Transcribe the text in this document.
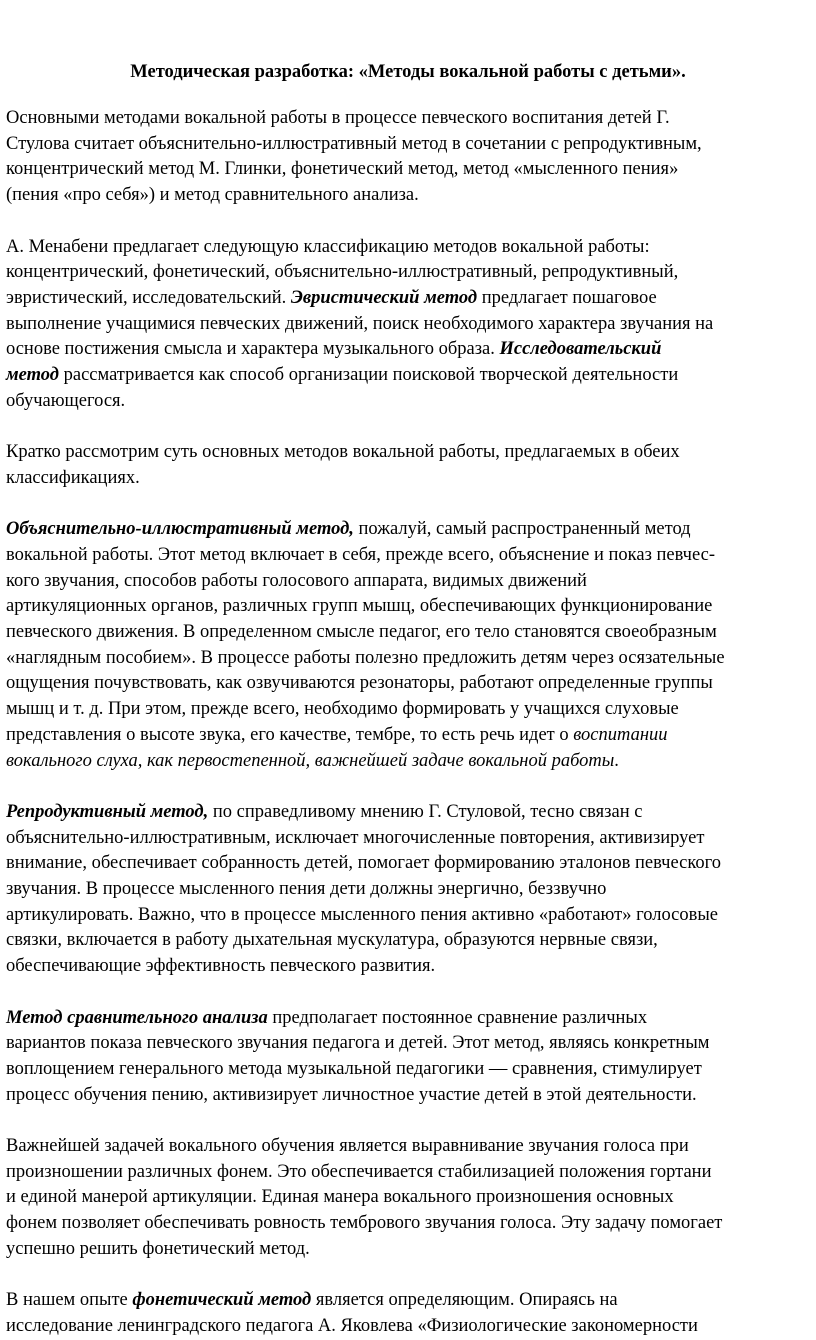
Методическая разработка: «Методы вокальной работы с детьми».
Основными методами вокальной работы в процессе певческого воспитания детей Г.
Стулова считает объяснительно-иллюстративный метод в сочетании с репродуктивным,
концентрический метод М. Глинки, фонетический метод, метод «мысленного пения»
(пения «про себя») и метод сравнительного анализа.
А. Менабени предлагает следующую классификацию методов вокальной работы:
концентрический, фонетический, объяснительно-иллюстративный, репродуктивный,
эвристический, исследовательский. Эвристический метод предлагает пошаговое
выполнение учащимися певческих движений, поиск необходимого характера звучания на
основе постижения смысла и характера музыкального образа. Исследовательский
метод рассматривается как способ организации поисковой творческой деятельности
обучающегося.
Кратко рассмотрим суть основных методов вокальной работы, предлагаемых в обеих
классификациях.
Объяснительно-иллюстративный метод, пожалуй, самый распространенный метод
вокальной работы. Этот метод включает в себя, прежде всего, объяснение и показ певчес-
кого звучания, способов работы голосового аппарата, видимых движений
артикуляционных органов, различных групп мышц, обеспечивающих функционирование
певческого движения. В определенном смысле педагог, его тело становятся своеобразным
«наглядным пособием». В процессе работы полезно предложить детям через осязательные
ощущения почувствовать, как озвучиваются резонаторы, работают определенные группы
мышц и т. д. При этом, прежде всего, необходимо формировать у учащихся слуховые
представления о высоте звука, его качестве, тембре, то есть речь идет о воспитании
вокального слуха, как первостепенной, важнейшей задаче вокальной работы.
Репродуктивный метод, по справедливому мнению Г. Стуловой, тесно связан с
объяснительно-иллюстративным, исключает многочисленные повторения, активизирует
внимание, обеспечивает собранность детей, помогает формированию эталонов певческого
звучания. В процессе мысленного пения дети должны энергично, беззвучно
артикулировать. Важно, что в процессе мысленного пения активно «работают» голосовые
связки, включается в работу дыхательная мускулатура, образуются нервные связи,
обеспечивающие эффективность певческого развития.
Метод сравнительного анализа предполагает постоянное сравнение различных
вариантов показа певческого звучания педагога и детей. Этот метод, являясь конкретным
воплощением генерального метода музыкальной педагогики — сравнения, стимулирует
процесс обучения пению, активизирует личностное участие детей в этой деятельности.
Важнейшей задачей вокального обучения является выравнивание звучания голоса при
произношении различных фонем. Это обеспечивается стабилизацией положения гортани
и единой манерой артикуляции. Единая манера вокального произношения основных
фонем позволяет обеспечивать ровность тембрового звучания голоса. Эту задачу помогает
успешно решить фонетический метод.
В нашем опыте фонетический метод является определяющим. Опираясь на
исследование ленинградского педагога А. Яковлева «Физиологические закономерности
